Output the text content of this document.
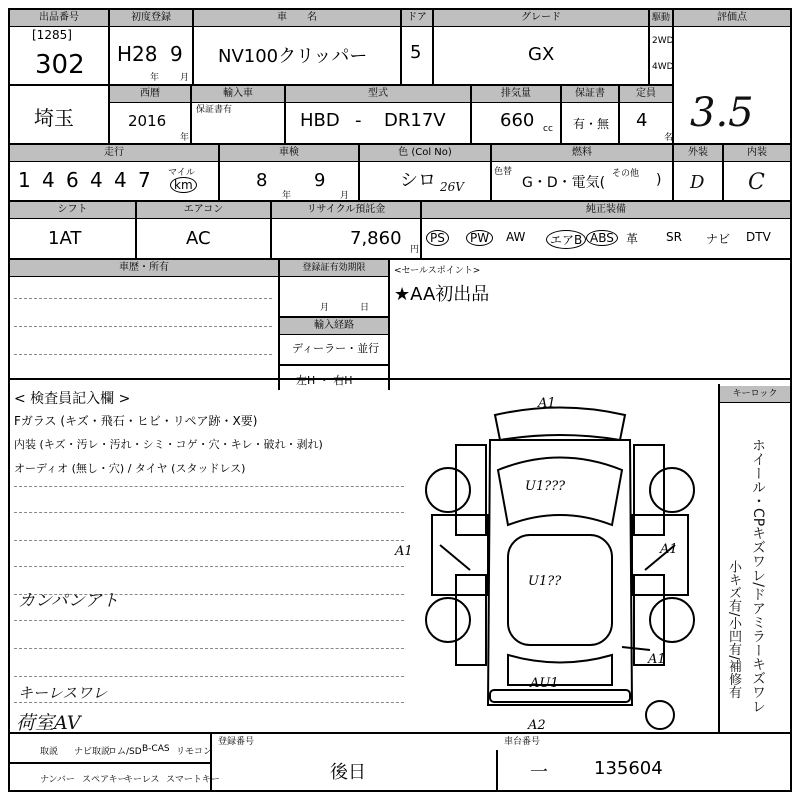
出品番号
[1285]
302
初度登録
H28 9
年 月
車　　名
NV100クリッパー
ドア
5
グレード
GX
駆動
2WD
4WD
評価点
3.5
埼玉
西暦
2016
年
輸入車
保証書有
型式
HBD - DR17V
排気量
660 cc
保証書
有・無
定員
4
名
走行
1 4 6 4 4 7 マイル
km
車検
8
年
9
月
色 (Col No)
シロ 26V
色替
燃料
その他
G・D・電気(	)
外装
D
内装
C
シフト
1AT
エアコン
AC
リサイクル預託金
7,860
円
純正装備
PS	PW	AW	エアB ABS	革 SR ナビ DTV
車歴・所有	登録証有効期限
月	日
輸入経路
ディーラー・並行
左H ・ 右H
<セールスポイント>
★AA初出品
< 検査員記入欄 >
Fガラス (キズ・飛石・ヒビ・リペア跡・X要)
内装 (キズ・汚レ・汚れ・シミ・コゲ・穴・キレ・破れ・剥れ)
オーディオ (無し・穴) / タイヤ (スタッドレス)
カンパンアト
キーレスワレ
荷室AV
キーロック
A1
U1???
A1	A1
U1??
A1
AU1
A2
ホイール・CPキズワレ/ドアミラーキズワレ
小キズ有/小凹有/補修有
取説 ナビ取説
ロム/SD B-CAS リモコン
ナンバー スペアキー
キーレス スマートキー
登録番号
後日
車台番号
一	135604
